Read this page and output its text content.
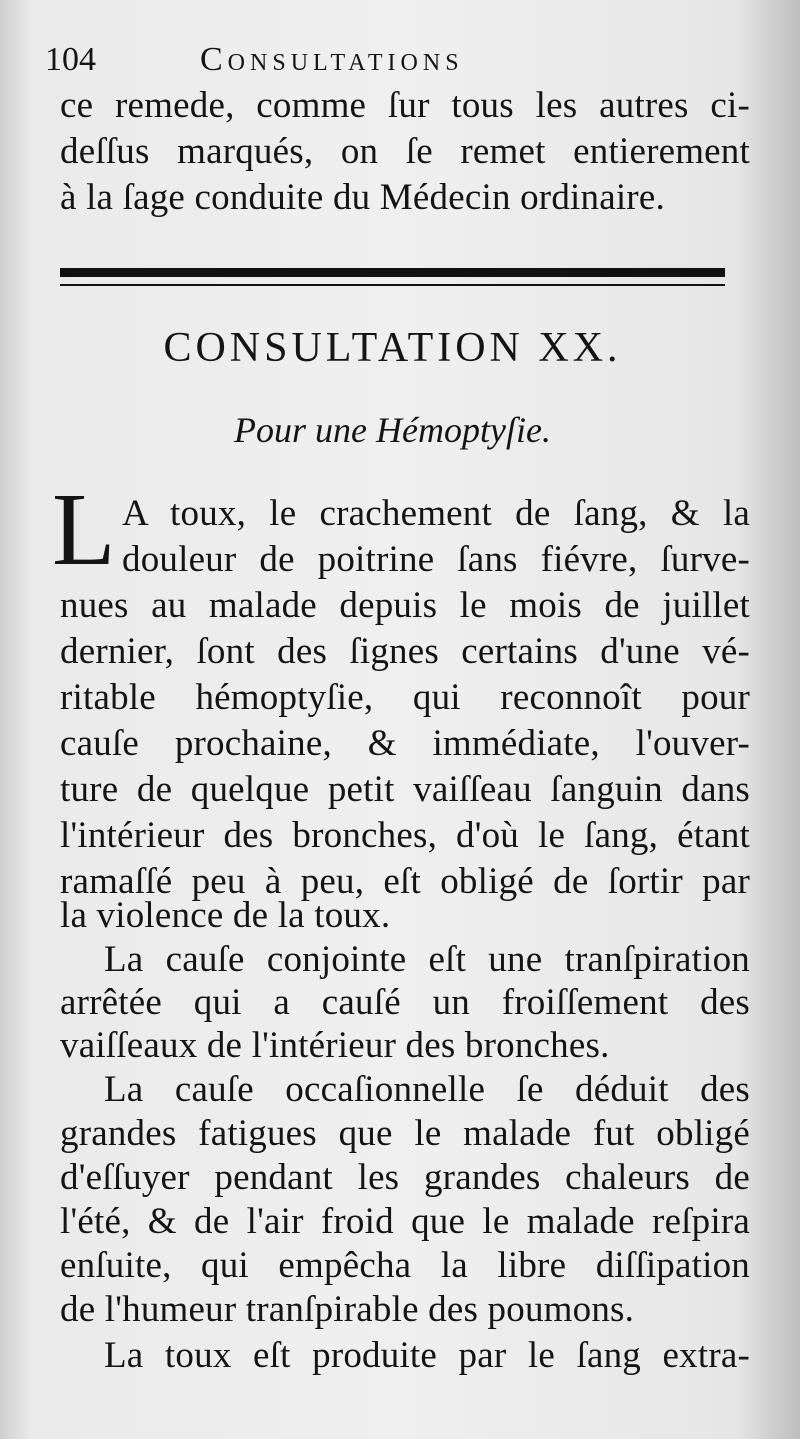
104	Consultations
ce remede, comme ſur tous les autres ci-
deſſus marqués, on ſe remet entierement
à la ſage conduite du Médecin ordinaire.
CONSULTATION XX.
Pour une Hémoptyſie.
L A toux, le crachement de ſang, & la
douleur de poitrine ſans fiévre, ſurve-
nues au malade depuis le mois de juillet
dernier, ſont des ſignes certains d'une vé-
ritable hémoptyſie, qui reconnoît pour
cauſe prochaine, & immédiate, l'ouver-
ture de quelque petit vaiſſeau ſanguin dans
l'intérieur des bronches, d'où le ſang, étant
ramaſſé peu à peu, eſt obligé de ſortir par
la violence de la toux.
La cauſe conjointe eſt une tranſpiration
arrêtée qui a cauſé un froiſſement des
vaiſſeaux de l'intérieur des bronches.
La cauſe occaſionnelle ſe déduit des
grandes fatigues que le malade fut obligé
d'eſſuyer pendant les grandes chaleurs de
l'été, & de l'air froid que le malade reſpira
enſuite, qui empêcha la libre diſſipation
de l'humeur tranſpirable des poumons.
La toux eſt produite par le ſang extra-
